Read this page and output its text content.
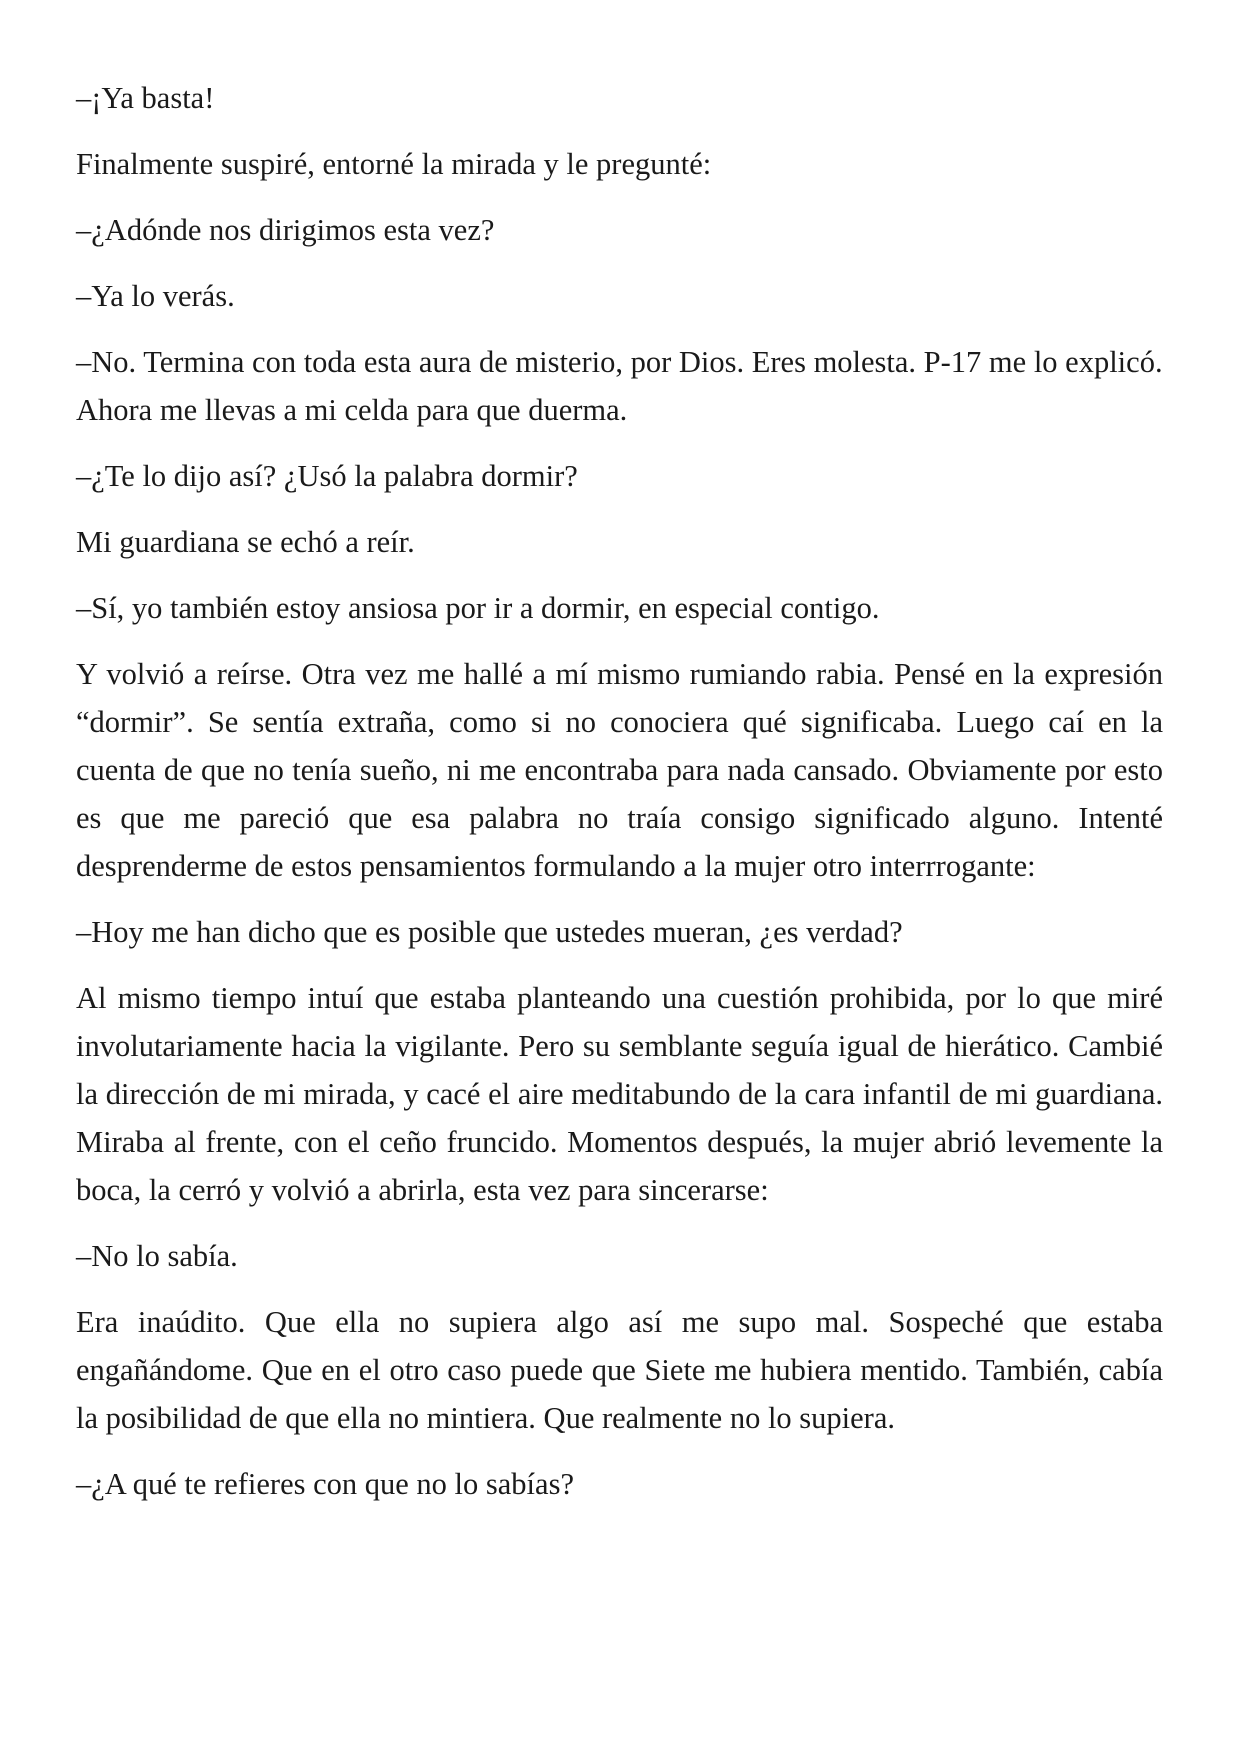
–¡Ya basta!

Finalmente suspiré, entorné la mirada y le pregunté:

–¿Adónde nos dirigimos esta vez?

–Ya lo verás.

–No. Termina con toda esta aura de misterio, por Dios. Eres molesta. P-17 me lo explicó. Ahora me llevas a mi celda para que duerma.

–¿Te lo dijo así? ¿Usó la palabra dormir?

Mi guardiana se echó a reír.

–Sí, yo también estoy ansiosa por ir a dormir, en especial contigo.

Y volvió a reírse. Otra vez me hallé a mí mismo rumiando rabia. Pensé en la expresión “dormir”. Se sentía extraña, como si no conociera qué significaba. Luego caí en la cuenta de que no tenía sueño, ni me encontraba para nada cansado. Obviamente por esto es que me pareció que esa palabra no traía consigo significado alguno. Intenté desprenderme de estos pensamientos formulando a la mujer otro interrrogante:

–Hoy me han dicho que es posible que ustedes mueran, ¿es verdad?

Al mismo tiempo intuí que estaba planteando una cuestión prohibida, por lo que miré involutariamente hacia la vigilante. Pero su semblante seguía igual de hierático. Cambié la dirección de mi mirada, y cacé el aire meditabundo de la cara infantil de mi guardiana. Miraba al frente, con el ceño fruncido. Momentos después, la mujer abrió levemente la boca, la cerró y volvió a abrirla, esta vez para sincerarse:

–No lo sabía.

Era inaúdito. Que ella no supiera algo así me supo mal. Sospeché que estaba engañándome. Que en el otro caso puede que Siete me hubiera mentido. También, cabía la posibilidad de que ella no mintiera. Que realmente no lo supiera.

–¿A qué te refieres con que no lo sabías?
